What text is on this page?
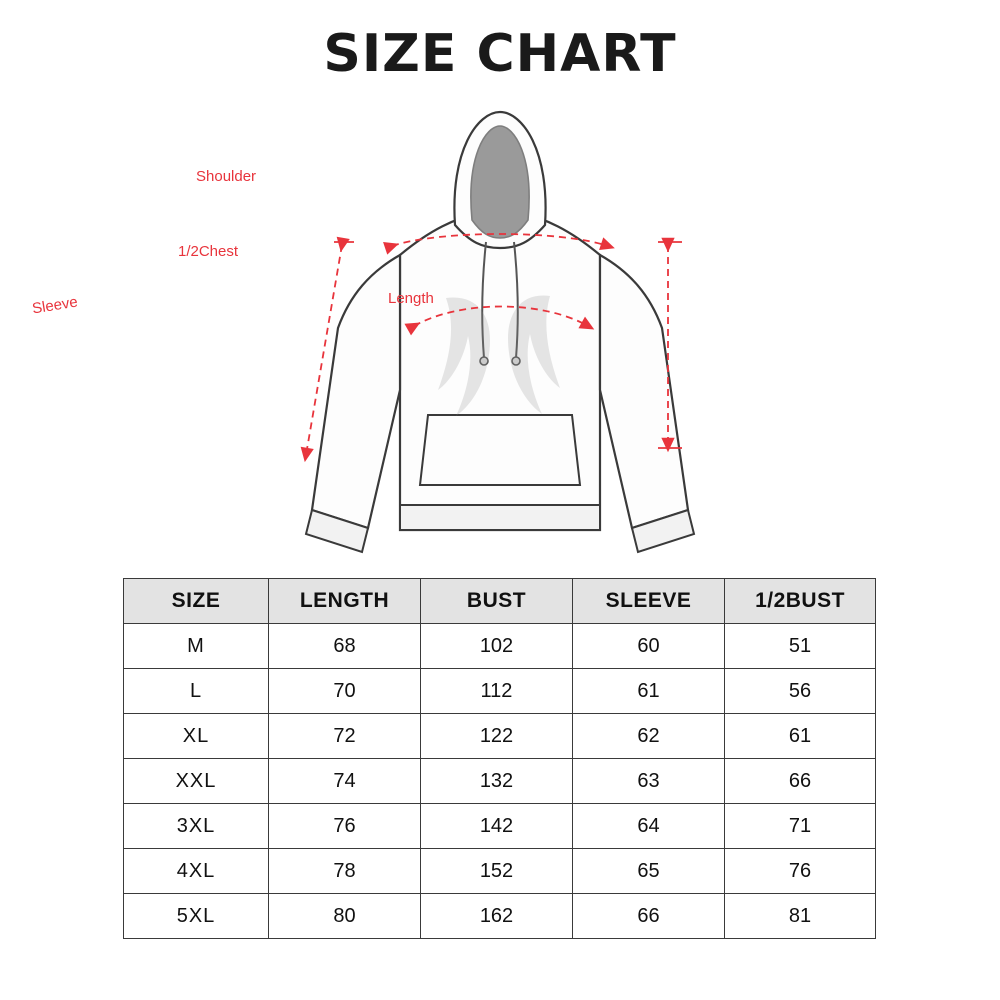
SIZE CHART
Shoulder
1/2Chest
Sleeve	Length
SIZE	LENGTH	BUST	SLEEVE	1/2BUST
M	68	102	60	51
L	70	112	61	56
XL	72	122	62	61
XXL	74	132	63	66
3XL	76	142	64	71
4XL	78	152	65	76
5XL	80	162	66	81
